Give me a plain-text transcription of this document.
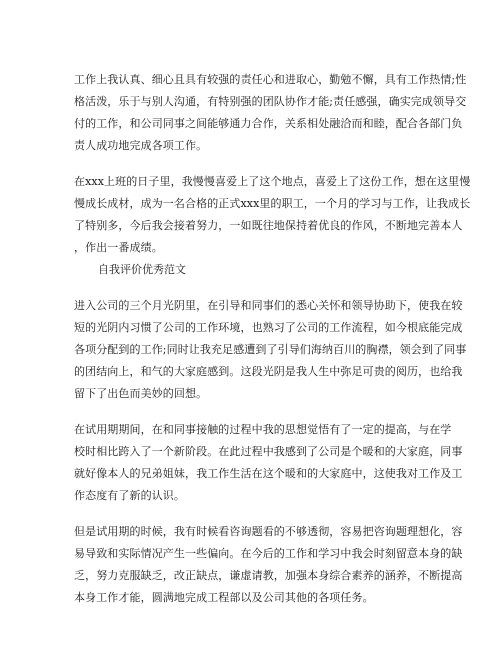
工作上我认真、细心且具有较强的责任心和进取心，勤勉不懈，具有工作热情;性
格活泼，乐于与别人沟通，有特别强的团队协作才能;责任感强，确实完成领导交
付的工作，和公司同事之间能够通力合作，关系相处融洽而和睦，配合各部门负
责人成功地完成各项工作。

在xxx上班的日子里，我慢慢喜爱上了这个地点，喜爱上了这份工作，想在这里慢
慢成长成材，成为一名合格的正式xxx里的职工，一个月的学习与工作，让我成长
了特别多，今后我会接着努力，一如既往地保持着优良的作风，不断地完善本人
，作出一番成绩。

自我评价优秀范文

进入公司的三个月光阴里，在引导和同事们的悉心关怀和领导协助下，使我在较
短的光阴内习惯了公司的工作环境，也熟习了公司的工作流程，如今根底能完成
各项分配到的工作;同时让我充足感遭到了引导们海纳百川的胸襟，领会到了同事
的团结向上，和气的大家庭感到。这段光阴是我人生中弥足可贵的阅历，也给我
留下了出色而美妙的回想。

在试用期期间，在和同事接触的过程中我的思想觉悟有了一定的提高，与在学
校时相比跨入了一个新阶段。在此过程中我感到了公司是个暖和的大家庭，同事
就好像本人的兄弟姐妹，我工作生活在这个暖和的大家庭中，这使我对工作及工
作态度有了新的认识。

但是试用期的时候，我有时候看咨询题看的不够透彻，容易把咨询题理想化，容
易导致和实际情况产生一些偏向。在今后的工作和学习中我会时刻留意本身的缺
乏，努力克服缺乏，改正缺点，谦虚请教，加强本身综合素养的涵养，不断提高
本身工作才能，圆满地完成工程部以及公司其他的各项任务。
